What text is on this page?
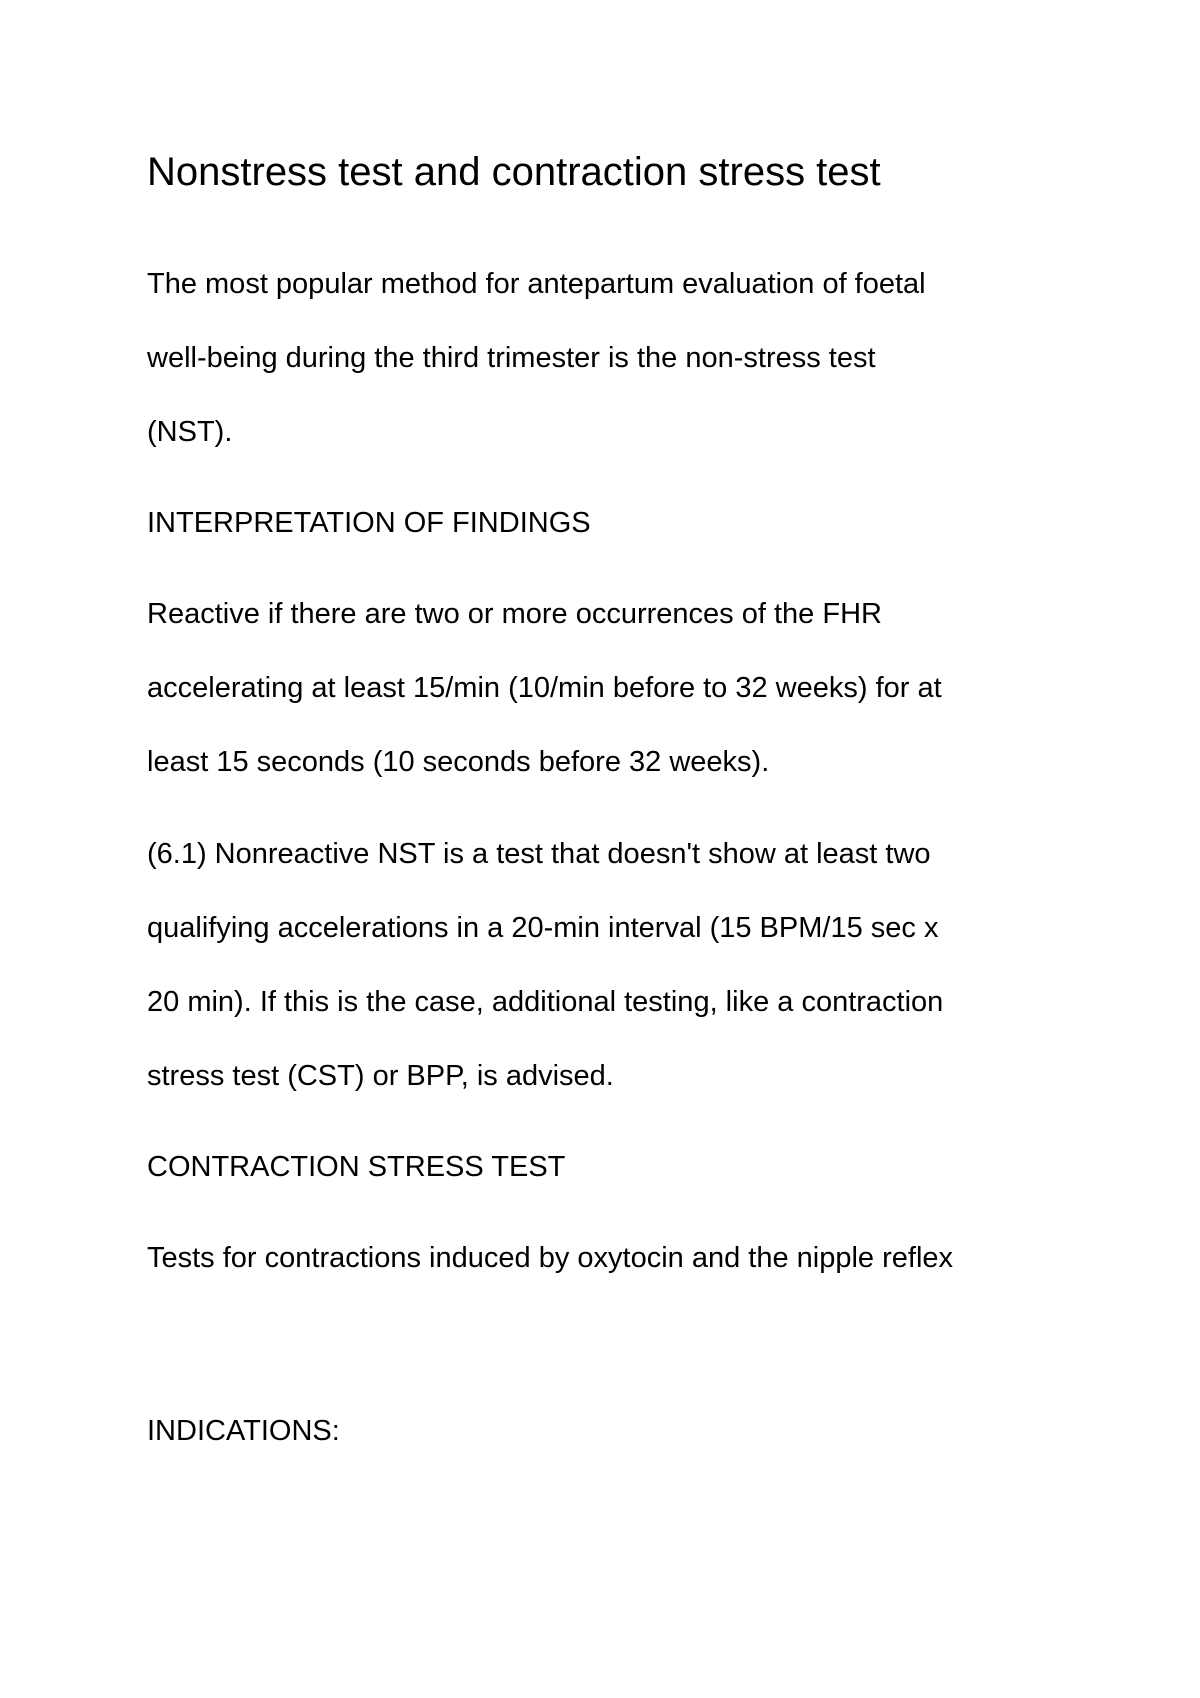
Nonstress test and contraction stress test

The most popular method for antepartum evaluation of foetal

well-being during the third trimester is the non-stress test

(NST).

INTERPRETATION OF FINDINGS

Reactive if there are two or more occurrences of the FHR

accelerating at least 15/min (10/min before to 32 weeks) for at

least 15 seconds (10 seconds before 32 weeks).

(6.1) Nonreactive NST is a test that doesn't show at least two

qualifying accelerations in a 20-min interval (15 BPM/15 sec x

20 min). If this is the case, additional testing, like a contraction

stress test (CST) or BPP, is advised.

CONTRACTION STRESS TEST

Tests for contractions induced by oxytocin and the nipple reflex

INDICATIONS:
